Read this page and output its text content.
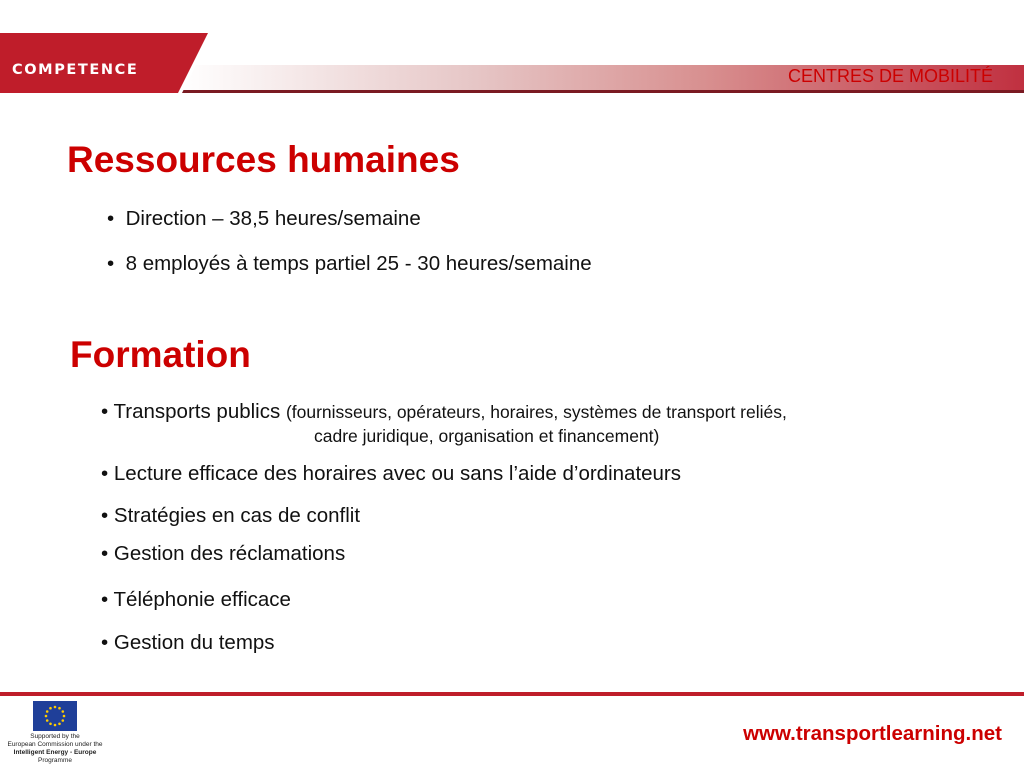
COMPETENCE	CENTRES DE MOBILITÉ
Ressources humaines
• Direction – 38,5 heures/semaine
• 8 employés à temps partiel 25 - 30 heures/semaine
Formation
• Transports publics (fournisseurs, opérateurs, horaires, systèmes de transport reliés,
cadre juridique, organisation et financement)
• Lecture efficace des horaires avec ou sans l’aide d’ordinateurs
• Stratégies en cas de conflit
• Gestion des réclamations
• Téléphonie efficace
• Gestion du temps
Supported by the
European Commission under the
Intelligent Energy - Europe
Programme
www.transportlearning.net
